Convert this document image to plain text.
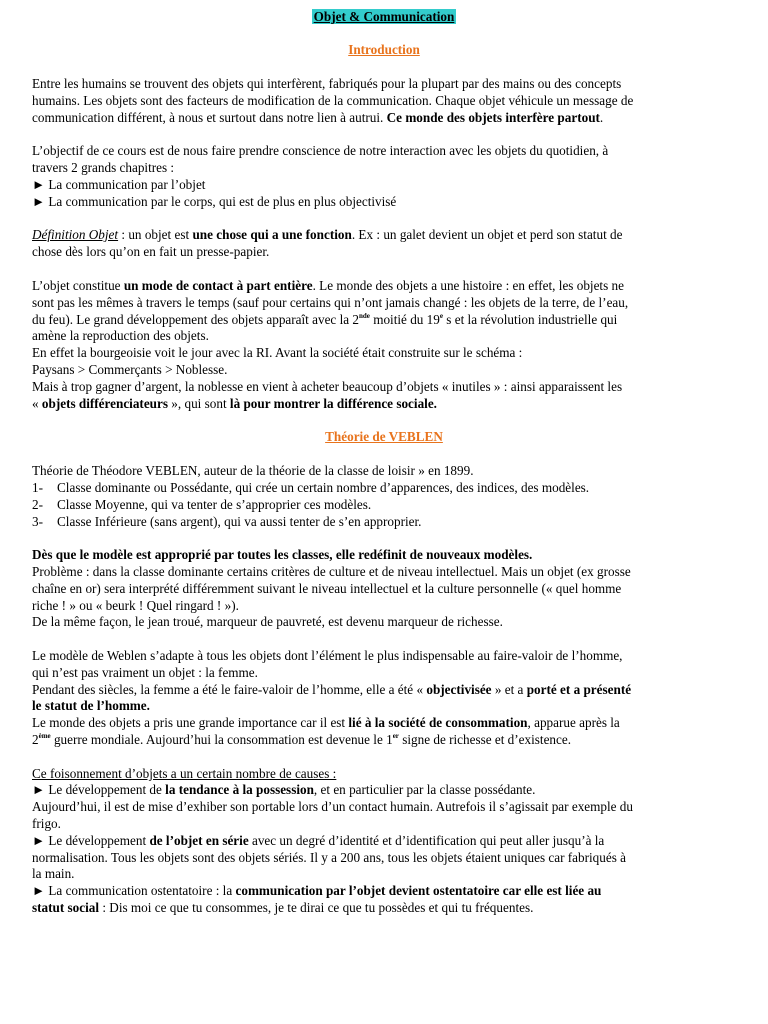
Objet & Communication
Introduction
Entre les humains se trouvent des objets qui interfèrent, fabriqués pour la plupart par des mains ou des concepts
humains. Les objets sont des facteurs de modification de la communication. Chaque objet véhicule un message de
communication différent, à nous et surtout dans notre lien à autrui. Ce monde des objets interfère partout.
L’objectif de ce cours est de nous faire prendre conscience de notre interaction avec les objets du quotidien, à
travers 2 grands chapitres :
► La communication par l’objet
► La communication par le corps, qui est de plus en plus objectivisé
Définition Objet : un objet est une chose qui a une fonction. Ex : un galet devient un objet et perd son statut de
chose dès lors qu’on en fait un presse-papier.
L’objet constitue un mode de contact à part entière. Le monde des objets a une histoire : en effet, les objets ne
sont pas les mêmes à travers le temps (sauf pour certains qui n’ont jamais changé : les objets de la terre, de l’eau,
du feu). Le grand développement des objets apparaît avec la 2nde moitié du 19e s et la révolution industrielle qui
amène la reproduction des objets.
En effet la bourgeoisie voit le jour avec la RI. Avant la société était construite sur le schéma :
Paysans > Commerçants > Noblesse.
Mais à trop gagner d’argent, la noblesse en vient à acheter beaucoup d’objets « inutiles » : ainsi apparaissent les
« objets différenciateurs », qui sont là pour montrer la différence sociale.
Théorie de VEBLEN
Théorie de Théodore VEBLEN, auteur de la théorie de la classe de loisir » en 1899.
1- Classe dominante ou Possédante, qui crée un certain nombre d’apparences, des indices, des modèles.
2- Classe Moyenne, qui va tenter de s’approprier ces modèles.
3- Classe Inférieure (sans argent), qui va aussi tenter de s’en approprier.
Dès que le modèle est approprié par toutes les classes, elle redéfinit de nouveaux modèles.
Problème : dans la classe dominante certains critères de culture et de niveau intellectuel. Mais un objet (ex grosse
chaîne en or) sera interprété différemment suivant le niveau intellectuel et la culture personnelle (« quel homme
riche ! » ou « beurk ! Quel ringard ! »).
De la même façon, le jean troué, marqueur de pauvreté, est devenu marqueur de richesse.
Le modèle de Weblen s’adapte à tous les objets dont l’élément le plus indispensable au faire-valoir de l’homme,
qui n’est pas vraiment un objet : la femme.
Pendant des siècles, la femme a été le faire-valoir de l’homme, elle a été « objectivisée » et a porté et a présenté
le statut de l’homme.
Le monde des objets a pris une grande importance car il est lié à la société de consommation, apparue après la
2ème guerre mondiale. Aujourd’hui la consommation est devenue le 1er signe de richesse et d’existence.
Ce foisonnement d’objets a un certain nombre de causes :
► Le développement de la tendance à la possession, et en particulier par la classe possédante.
Aujourd’hui, il est de mise d’exhiber son portable lors d’un contact humain. Autrefois il s’agissait par exemple du
frigo.
► Le développement de l’objet en série avec un degré d’identité et d’identification qui peut aller jusqu’à la
normalisation. Tous les objets sont des objets sériés. Il y a 200 ans, tous les objets étaient uniques car fabriqués à
la main.
► La communication ostentatoire : la communication par l’objet devient ostentatoire car elle est liée au
statut social : Dis moi ce que tu consommes, je te dirai ce que tu possèdes et qui tu fréquentes.
